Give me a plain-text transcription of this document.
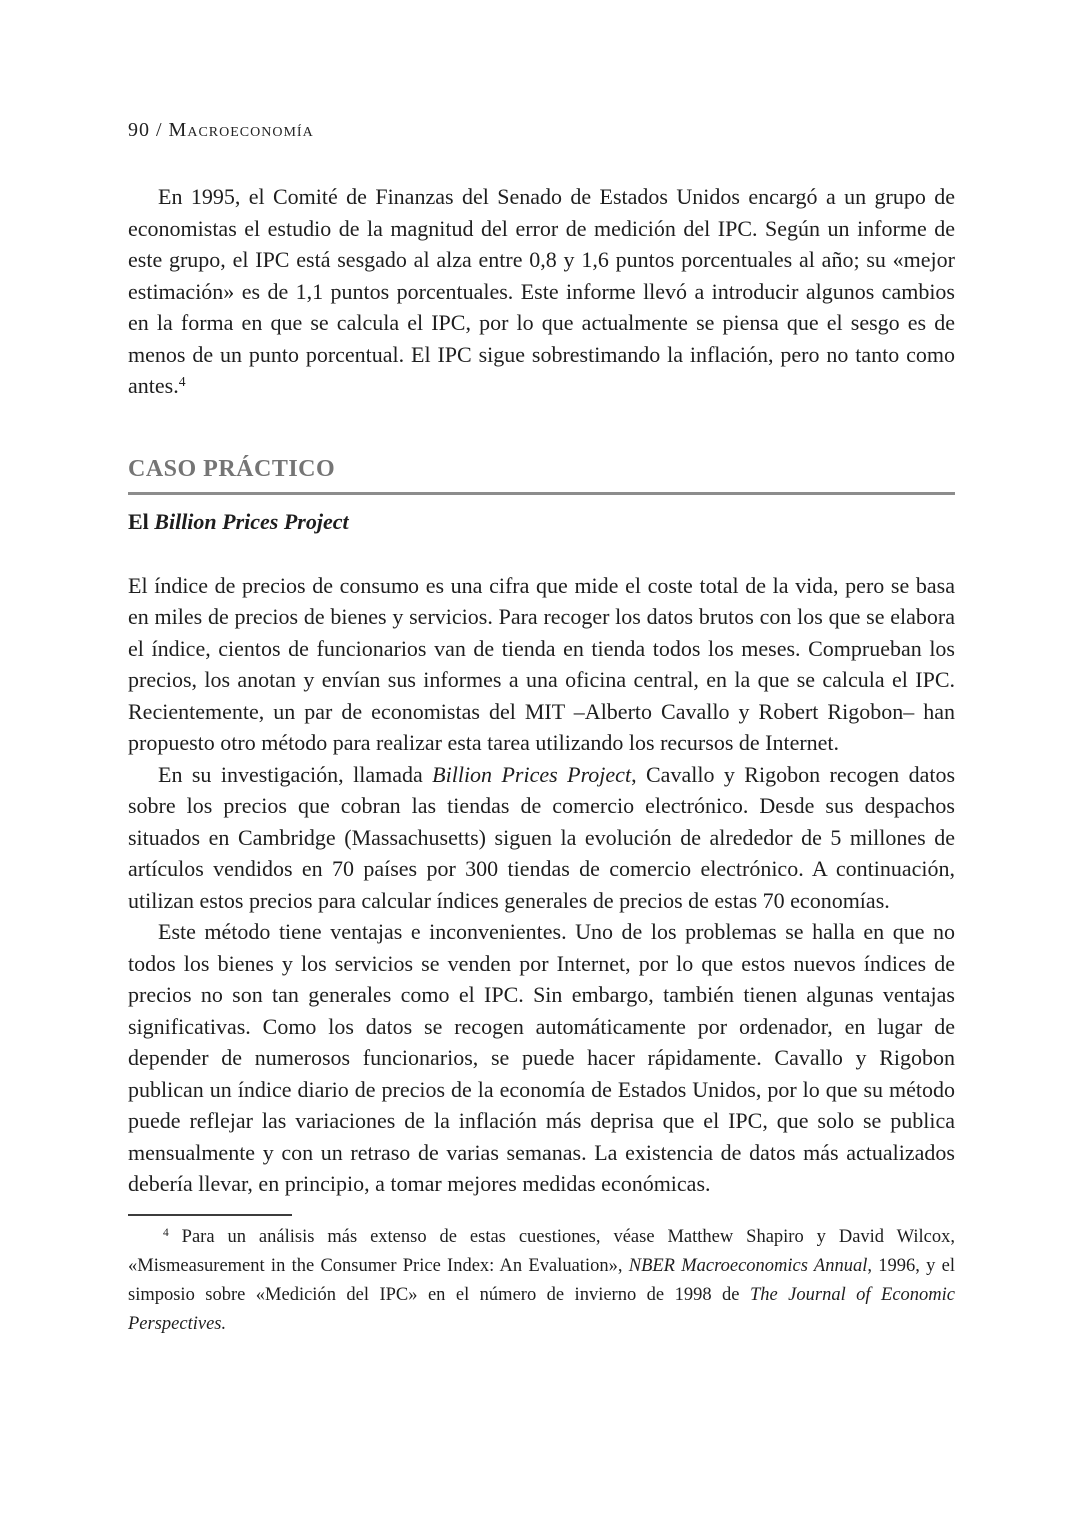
90 / Macroeconomía

En 1995, el Comité de Finanzas del Senado de Estados Unidos encargó a un grupo de economistas el estudio de la magnitud del error de medición del IPC. Según un informe de este grupo, el IPC está sesgado al alza entre 0,8 y 1,6 puntos porcentuales al año; su «mejor estimación» es de 1,1 puntos porcentuales. Este informe llevó a introducir algunos cambios en la forma en que se calcula el IPC, por lo que actualmente se piensa que el sesgo es de menos de un punto porcentual. El IPC sigue sobrestimando la inflación, pero no tanto como antes.$^4$

CASO PRÁCTICO
El Billion Prices Project

El índice de precios de consumo es una cifra que mide el coste total de la vida, pero se basa en miles de precios de bienes y servicios. Para recoger los datos brutos con los que se elabora el índice, cientos de funcionarios van de tienda en tienda todos los meses. Comprueban los precios, los anotan y envían sus informes a una oficina central, en la que se calcula el IPC. Recientemente, un par de economistas del MIT –Alberto Cavallo y Robert Rigobon– han propuesto otro método para realizar esta tarea utilizando los recursos de Internet.

En su investigación, llamada Billion Prices Project, Cavallo y Rigobon recogen datos sobre los precios que cobran las tiendas de comercio electrónico. Desde sus despachos situados en Cambridge (Massachusetts) siguen la evolución de alrededor de 5 millones de artículos vendidos en 70 países por 300 tiendas de comercio electrónico. A continuación, utilizan estos precios para calcular índices generales de precios de estas 70 economías.

Este método tiene ventajas e inconvenientes. Uno de los problemas se halla en que no todos los bienes y los servicios se venden por Internet, por lo que estos nuevos índices de precios no son tan generales como el IPC. Sin embargo, también tienen algunas ventajas significativas. Como los datos se recogen automáticamente por ordenador, en lugar de depender de numerosos funcionarios, se puede hacer rápidamente. Cavallo y Rigobon publican un índice diario de precios de la economía de Estados Unidos, por lo que su método puede reflejar las variaciones de la inflación más deprisa que el IPC, que solo se publica mensualmente y con un retraso de varias semanas. La existencia de datos más actualizados debería llevar, en principio, a tomar mejores medidas económicas.

$^4$ Para un análisis más extenso de estas cuestiones, véase Matthew Shapiro y David Wilcox, «Mismeasurement in the Consumer Price Index: An Evaluation», NBER Macroeconomics Annual, 1996, y el simposio sobre «Medición del IPC» en el número de invierno de 1998 de The Journal of Economic Perspectives.
